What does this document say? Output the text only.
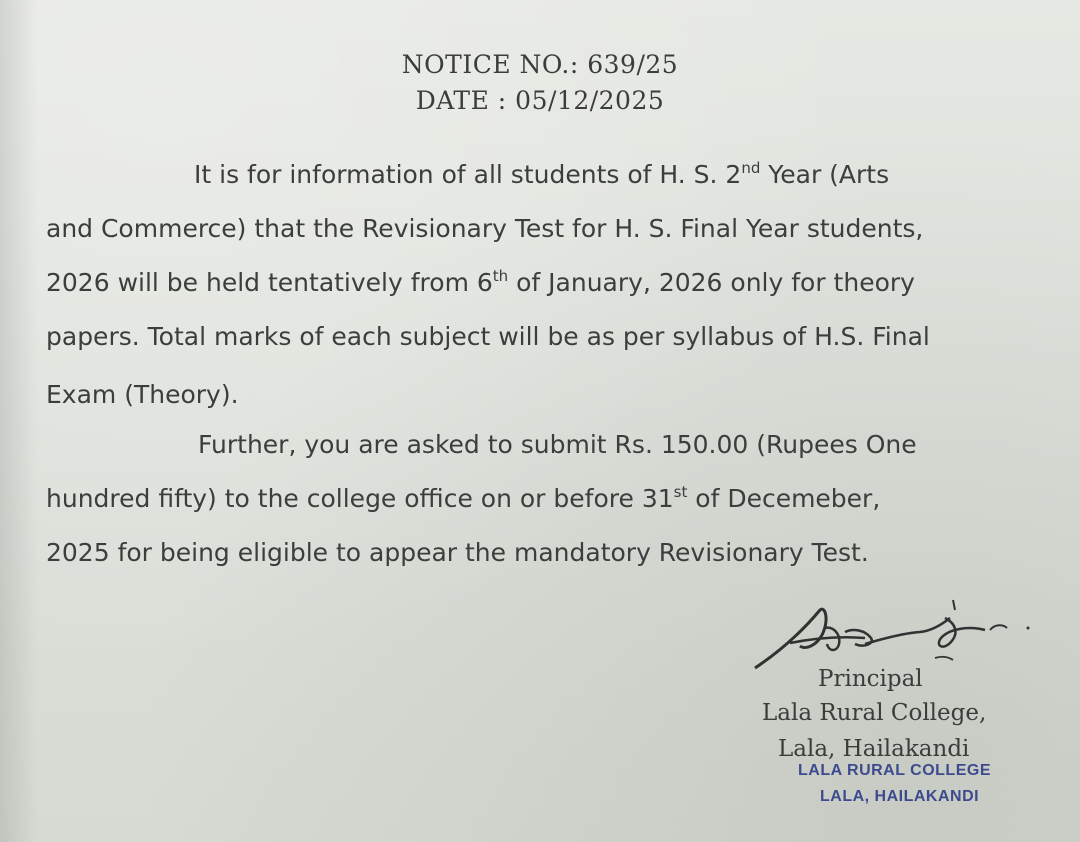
NOTICE NO.: 639/25
DATE : 05/12/2025
It is for information of all students of H. S. 2nd Year (Arts
and Commerce) that the Revisionary Test for H. S. Final Year students,
2026 will be held tentatively from 6th of January, 2026 only for theory
papers. Total marks of each subject will be as per syllabus of H.S. Final
Exam (Theory).
Further, you are asked to submit Rs. 150.00 (Rupees One
hundred fifty) to the college office on or before 31st of Decemeber,
2025 for being eligible to appear the mandatory Revisionary Test.
Principal
Lala Rural College,
Lala, Hailakandi
LALA RURAL COLLEGE
LALA, HAILAKANDI
